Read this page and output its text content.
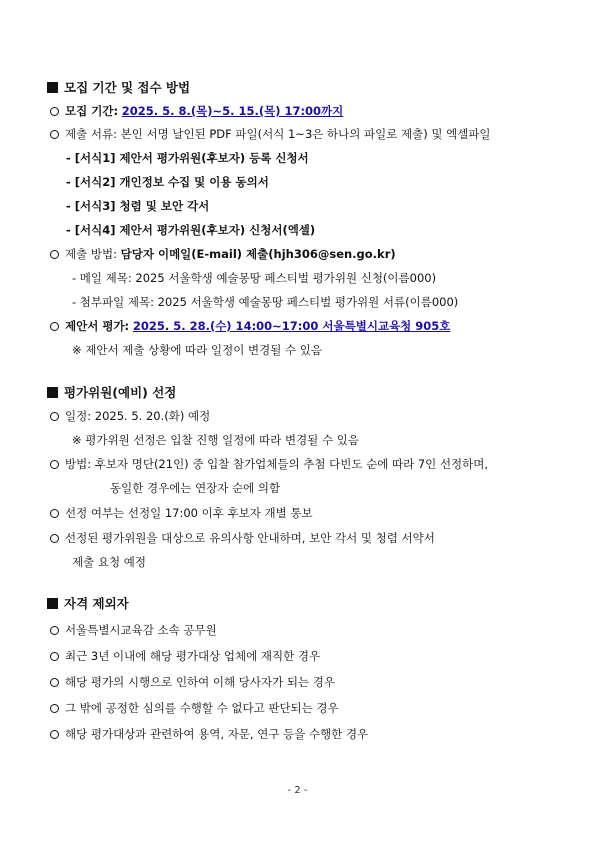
모집 기간 및 접수 방법
모집 기간: 2025. 5. 8.(목)~5. 15.(목) 17:00까지
제출 서류: 본인 서명 날인된 PDF 파일(서식 1~3은 하나의 파일로 제출) 및 엑셀파일
- [서식1] 제안서 평가위원(후보자) 등록 신청서
- [서식2] 개인정보 수집 및 이용 동의서
- [서식3] 청렴 및 보안 각서
- [서식4] 제안서 평가위원(후보자) 신청서(엑셀)
제출 방법: 담당자 이메일(E-mail) 제출(hjh306@sen.go.kr)
- 메일 제목: 2025 서울학생 예술몽땅 페스티벌 평가위원 신청(이름000)
- 첨부파일 제목: 2025 서울학생 예술몽땅 페스티벌 평가위원 서류(이름000)
제안서 평가: 2025. 5. 28.(수) 14:00~17:00 서울특별시교육청 905호
※ 제안서 제출 상황에 따라 일정이 변경될 수 있음
평가위원(예비) 선정
일정: 2025. 5. 20.(화) 예정
※ 평가위원 선정은 입찰 진행 일정에 따라 변경될 수 있음
방법: 후보자 명단(21인) 중 입찰 참가업체들의 추첨 다빈도 순에 따라 7인 선정하며,
동일한 경우에는 연장자 순에 의함
선정 여부는 선정일 17:00 이후 후보자 개별 통보
선정된 평가위원을 대상으로 유의사항 안내하며, 보안 각서 및 청렴 서약서
제출 요청 예정
자격 제외자
서울특별시교육감 소속 공무원
최근 3년 이내에 해당 평가대상 업체에 재직한 경우
해당 평가의 시행으로 인하여 이해 당사자가 되는 경우
그 밖에 공정한 심의를 수행할 수 없다고 판단되는 경우
해당 평가대상과 관련하여 용역, 자문, 연구 등을 수행한 경우
- 2 -
